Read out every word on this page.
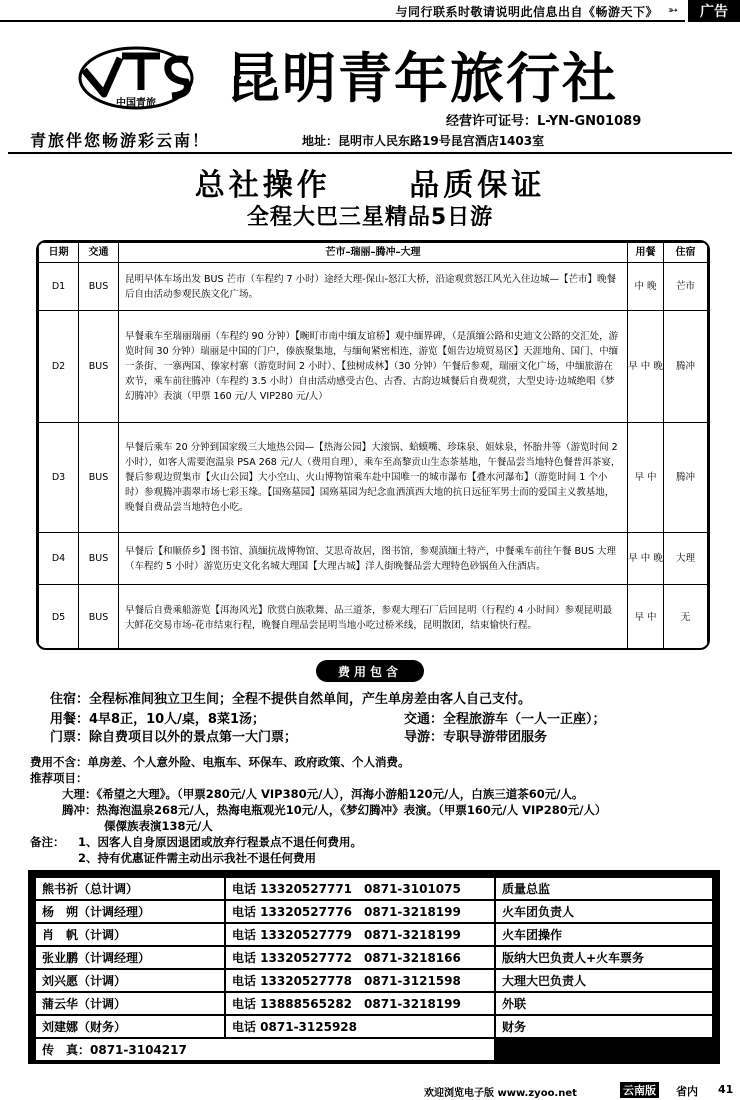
与同行联系时敬请说明此信息出自《畅游天下》 ➳	广告
中国青旅 昆明青年旅行社
经营许可证号：L-YN-GN01089
青旅伴您畅游彩云南！	地址：昆明市人民东路19号昆宫酒店1403室
总社操作	品质保证
全程大巴三星精品5日游
日期	交通	芒市–瑞丽–腾冲–大理	用餐	住宿
D1	BUS	昆明早体车场出发 BUS 芒市（车程约 7 小时）途经大理-保山-怒江大桥，沿途观赏怒江风光入住边城—【芒市】晚餐后自由活动参观民族文化广场。	中 晚	芒市
D2	BUS	早餐乘车至瑞丽瑞丽（车程约 90 分钟）【畹町市南中缅友谊桥】观中缅界碑，（是滇缅公路和史迪文公路的交汇处，游览时间 30 分钟）瑞丽是中国的门户，傣族聚集地，与缅甸紧密相连，游览【姐告边境贸易区】天涯地角、国门、中缅一条街、一寨两国、傣家村寨（游览时间 2 小时）、【独树成林】（30 分钟）午餐后参观，瑞丽文化广场，中缅旅游在欢节，乘车前往腾冲（车程约 3.5 小时）自由活动感受古色、古香、古韵边城餐后自费观赏，大型史诗·边城绝唱《梦幻腾冲》表演（甲票 160 元/人 VIP280 元/人）	早 中 晚	腾冲
D3	BUS	早餐后乘车 20 分钟到国家级三大地热公园—【热海公园】大滚锅、蛤蟆嘴、珍珠泉、姐妹泉，怀胎井等（游览时间 2 小时），如客人需要泡温泉 PSA 268 元/人（费用自理），乘车至高黎贡山生态茶基地，午餐品尝当地特色餐普洱茶宴，餐后参观边贸集市【火山公园】大小空山、火山博物馆乘车赴中国唯一的城市瀑布【叠水河瀑布】（游览时间 1 个小时）参观腾冲翡翠市场七彩玉缘。【国殇墓园】国殇墓园为纪念血洒滇西大地的抗日远征军男士而的爱国主义教基地，晚餐自费品尝当地特色小吃。	早 中	腾冲
D4	BUS	早餐后【和顺侨乡】图书馆、滇缅抗战博物馆、艾思奇故居，图书馆，参观滇缅土特产，中餐乘车前往午餐 BUS 大理（车程约 5 小时）游览历史文化名城大理国【大理古城】洋人街晚餐品尝大理特色砂锅鱼入住酒店。	早 中 晚	大理
D5	BUS	早餐后自费乘船游览【洱海风光】欣赏白族歌舞、品三道茶，参观大理石厂后回昆明（行程约 4 小时间）参观昆明最大鲜花交易市场-花市结束行程，晚餐自理品尝昆明当地小吃过桥米线，昆明散团，结束愉快行程。	早 中	无
费用包含
住宿：全程标准间独立卫生间；全程不提供自然单间，产生单房差由客人自己支付。
用餐：4早8正，10人/桌，8菜1汤；	交通：全程旅游车（一人一正座）；
门票：除自费项目以外的景点第一大门票；	导游：专职导游带团服务
费用不含：单房差、个人意外险、电瓶车、环保车、政府政策、个人消费。
推荐项目：
大理：《希望之大理》。（甲票280元/人 VIP380元/人），洱海小游船120元/人，白族三道茶60元/人。
腾冲：热海泡温泉268元/人，热海电瓶观光10元/人，《梦幻腾冲》表演。（甲票160元/人 VIP280元/人）
傈僳族表演138元/人
备注： 1、因客人自身原因退团或放弃行程景点不退任何费用。
2、持有优惠证件需主动出示我社不退任何费用
熊书祈（总计调）	电话 13320527771　0871-3101075	质量总监
杨　朔（计调经理）	电话 13320527776　0871-3218199	火车团负责人
肖　帆（计调）	电话 13320527779　0871-3218199	火车团操作
张业鹏（计调经理）	电话 13320527772　0871-3218166	版纳大巴负责人+火车票务
刘兴愿（计调）	电话 13320527778　0871-3121598	大理大巴负责人
蒲云华（计调）	电话 13888565282　0871-3218199	外联
刘建娜（财务）	电话 0871-3125928	财务
传　真：0871-3104217		
欢迎浏览电子版 www.zyoo.net	云南版 省内 41
